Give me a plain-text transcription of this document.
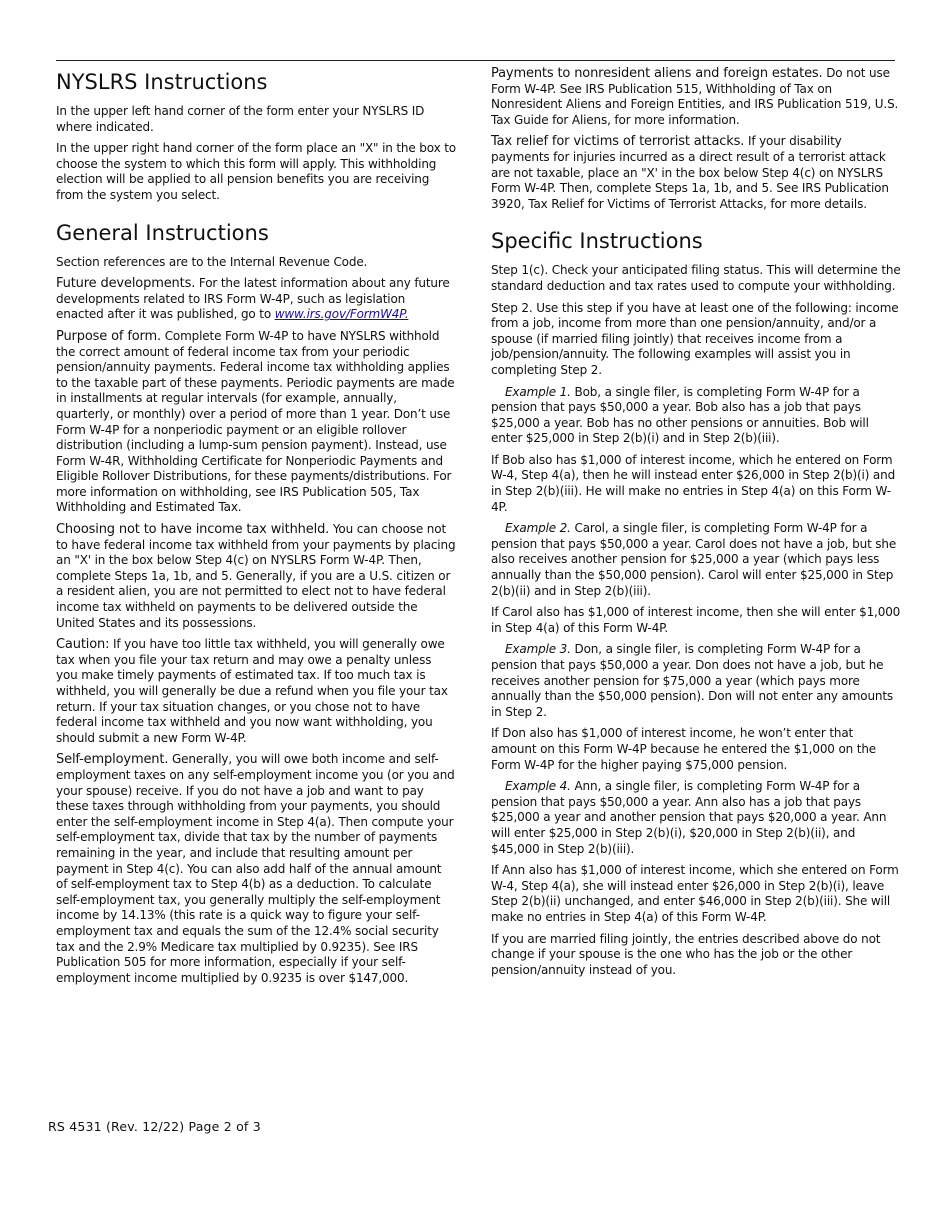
NYSLRS Instructions

In the upper left hand corner of the form enter your NYSLRS ID where indicated.

In the upper right hand corner of the form place an "X" in the box to choose the system to which this form will apply. This withholding election will be applied to all pension benefits you are receiving from the system you select.

General Instructions

Section references are to the Internal Revenue Code.

Future developments. For the latest information about any future developments related to IRS Form W-4P, such as legislation enacted after it was published, go to www.irs.gov/FormW4P.

Purpose of form. Complete Form W-4P to have NYSLRS withhold the correct amount of federal income tax from your periodic pension/annuity payments. Federal income tax withholding applies to the taxable part of these payments. Periodic payments are made in installments at regular intervals (for example, annually, quarterly, or monthly) over a period of more than 1 year. Don’t use Form W-4P for a nonperiodic payment or an eligible rollover distribution (including a lump-sum pension payment). Instead, use Form W-4R, Withholding Certificate for Nonperiodic Payments and Eligible Rollover Distributions, for these payments/distributions. For more information on withholding, see IRS Publication 505, Tax Withholding and Estimated Tax.

Choosing not to have income tax withheld. You can choose not to have federal income tax withheld from your payments by placing an "X' in the box below Step 4(c) on NYSLRS Form W-4P. Then, complete Steps 1a, 1b, and 5. Generally, if you are a U.S. citizen or a resident alien, you are not permitted to elect not to have federal income tax withheld on payments to be delivered outside the United States and its possessions.

Caution: If you have too little tax withheld, you will generally owe tax when you file your tax return and may owe a penalty unless you make timely payments of estimated tax. If too much tax is withheld, you will generally be due a refund when you file your tax return. If your tax situation changes, or you chose not to have federal income tax withheld and you now want withholding, you should submit a new Form W-4P.

Self-employment. Generally, you will owe both income and self-employment taxes on any self-employment income you (or you and your spouse) receive. If you do not have a job and want to pay these taxes through withholding from your payments, you should enter the self-employment income in Step 4(a). Then compute your self-employment tax, divide that tax by the number of payments remaining in the year, and include that resulting amount per payment in Step 4(c). You can also add half of the annual amount of self-employment tax to Step 4(b) as a deduction. To calculate self-employment tax, you generally multiply the self-employment income by 14.13% (this rate is a quick way to figure your self-employment tax and equals the sum of the 12.4% social security tax and the 2.9% Medicare tax multiplied by 0.9235). See IRS Publication 505 for more information, especially if your self-employment income multiplied by 0.9235 is over $147,000.

Payments to nonresident aliens and foreign estates. Do not use Form W-4P. See IRS Publication 515, Withholding of Tax on Nonresident Aliens and Foreign Entities, and IRS Publication 519, U.S. Tax Guide for Aliens, for more information.

Tax relief for victims of terrorist attacks. If your disability payments for injuries incurred as a direct result of a terrorist attack are not taxable, place an "X' in the box below Step 4(c) on NYSLRS Form W-4P. Then, complete Steps 1a, 1b, and 5. See IRS Publication 3920, Tax Relief for Victims of Terrorist Attacks, for more details.

Specific Instructions

Step 1(c). Check your anticipated filing status. This will determine the standard deduction and tax rates used to compute your withholding.

Step 2. Use this step if you have at least one of the following: income from a job, income from more than one pension/annuity, and/or a spouse (if married filing jointly) that receives income from a job/pension/annuity. The following examples will assist you in completing Step 2.

Example 1. Bob, a single filer, is completing Form W-4P for a pension that pays $50,000 a year. Bob also has a job that pays $25,000 a year. Bob has no other pensions or annuities. Bob will enter $25,000 in Step 2(b)(i) and in Step 2(b)(iii).

If Bob also has $1,000 of interest income, which he entered on Form W-4, Step 4(a), then he will instead enter $26,000 in Step 2(b)(i) and in Step 2(b)(iii). He will make no entries in Step 4(a) on this Form W-4P.

Example 2. Carol, a single filer, is completing Form W-4P for a pension that pays $50,000 a year. Carol does not have a job, but she also receives another pension for $25,000 a year (which pays less annually than the $50,000 pension). Carol will enter $25,000 in Step 2(b)(ii) and in Step 2(b)(iii).

If Carol also has $1,000 of interest income, then she will enter $1,000 in Step 4(a) of this Form W-4P.

Example 3. Don, a single filer, is completing Form W-4P for a pension that pays $50,000 a year. Don does not have a job, but he receives another pension for $75,000 a year (which pays more annually than the $50,000 pension). Don will not enter any amounts in Step 2.

If Don also has $1,000 of interest income, he won’t enter that amount on this Form W-4P because he entered the $1,000 on the Form W-4P for the higher paying $75,000 pension.

Example 4. Ann, a single filer, is completing Form W-4P for a pension that pays $50,000 a year. Ann also has a job that pays $25,000 a year and another pension that pays $20,000 a year. Ann will enter $25,000 in Step 2(b)(i), $20,000 in Step 2(b)(ii), and $45,000 in Step 2(b)(iii).

If Ann also has $1,000 of interest income, which she entered on Form W-4, Step 4(a), she will instead enter $26,000 in Step 2(b)(i), leave Step 2(b)(ii) unchanged, and enter $46,000 in Step 2(b)(iii). She will make no entries in Step 4(a) of this Form W-4P.

If you are married filing jointly, the entries described above do not change if your spouse is the one who has the job or the other pension/annuity instead of you.

RS 4531 (Rev. 12/22) Page 2 of 3
